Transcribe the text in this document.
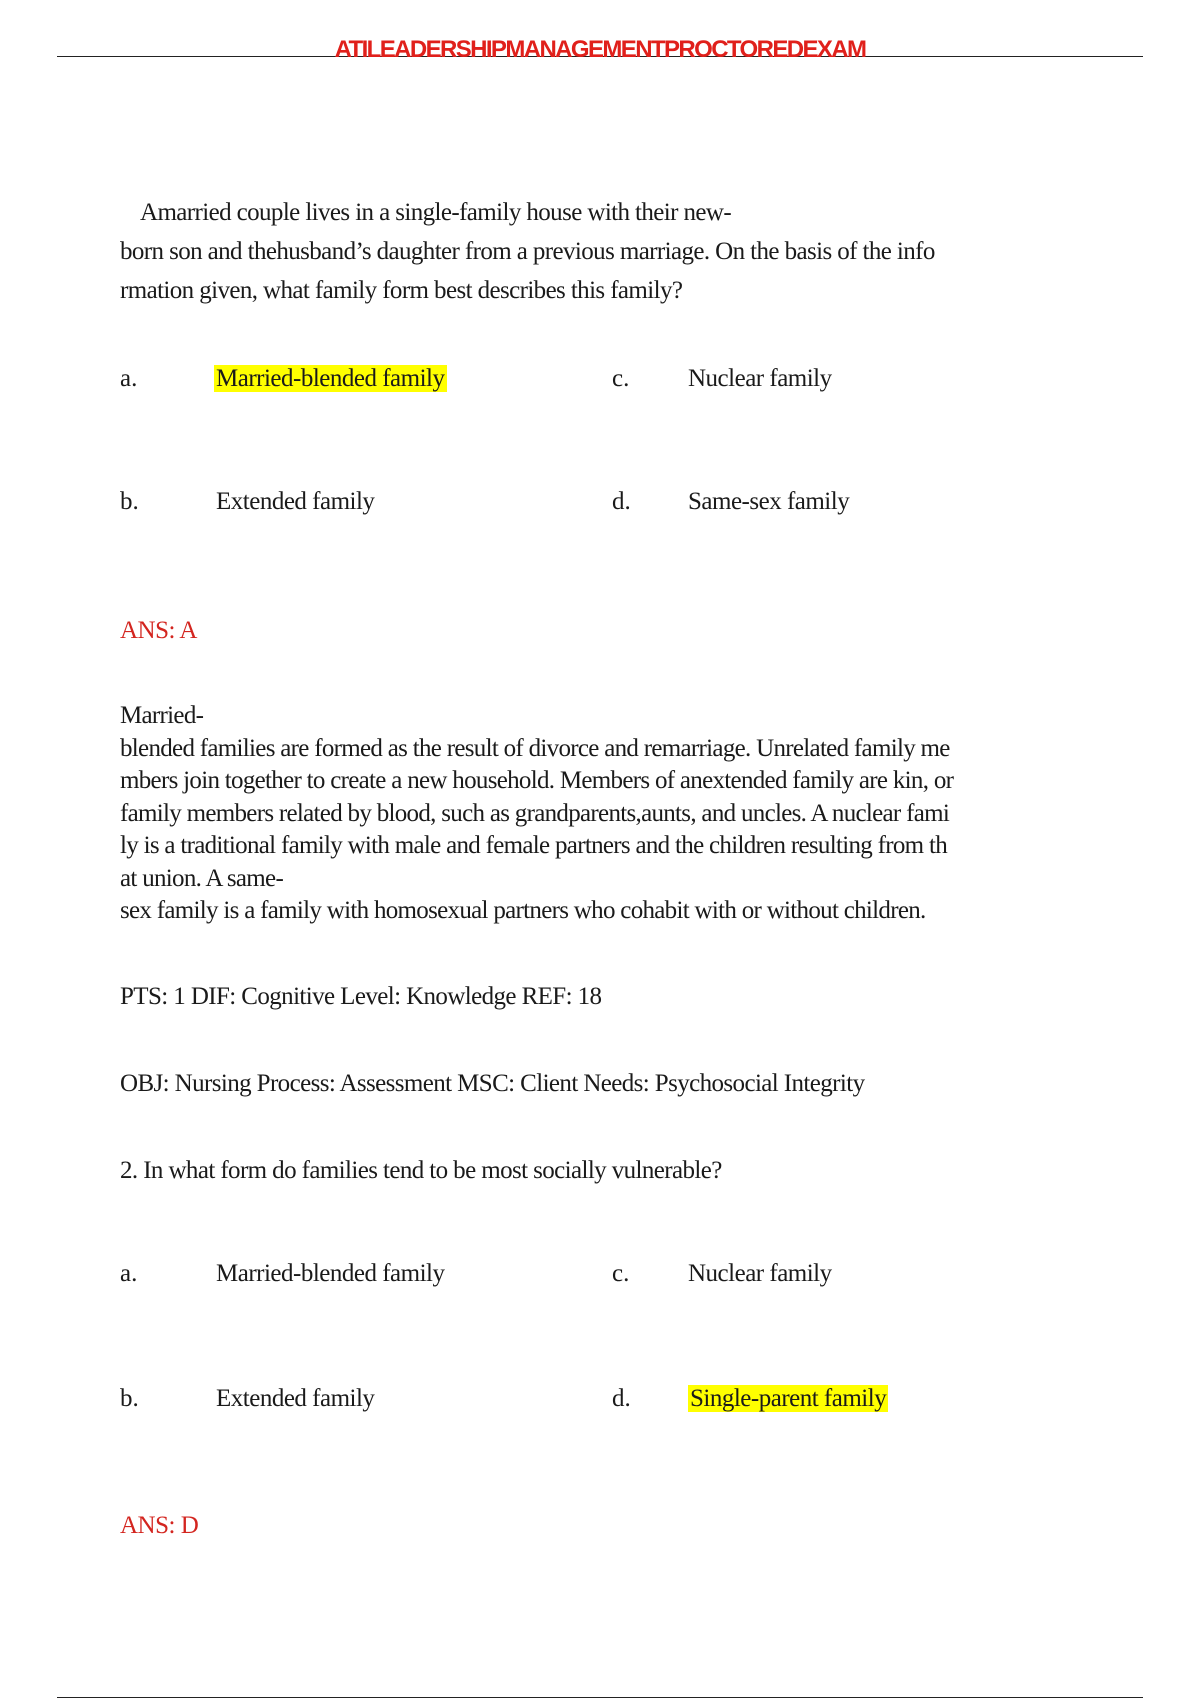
ATILEADERSHIPMANAGEMENTPROCTOREDEXAM
Amarried couple lives in a single-family house with their new-
born son and thehusband’s daughter from a previous marriage. On the basis of the info
rmation given, what family form best describes this family?
a.	Married-blended family	c. Nuclear family
b.	Extended family	d. Same-sex family
ANS: A
Married-
blended families are formed as the result of divorce and remarriage. Unrelated family me
mbers join together to create a new household. Members of anextended family are kin, or
family members related by blood, such as grandparents,aunts, and uncles. A nuclear fami
ly is a traditional family with male and female partners and the children resulting from th
at union. A same-
sex family is a family with homosexual partners who cohabit with or without children.
PTS: 1 DIF: Cognitive Level: Knowledge REF: 18
OBJ: Nursing Process: Assessment MSC: Client Needs: Psychosocial Integrity
2. In what form do families tend to be most socially vulnerable?
a.	Married-blended family	c. Nuclear family
b.	Extended family	d. Single-parent family
ANS: D
